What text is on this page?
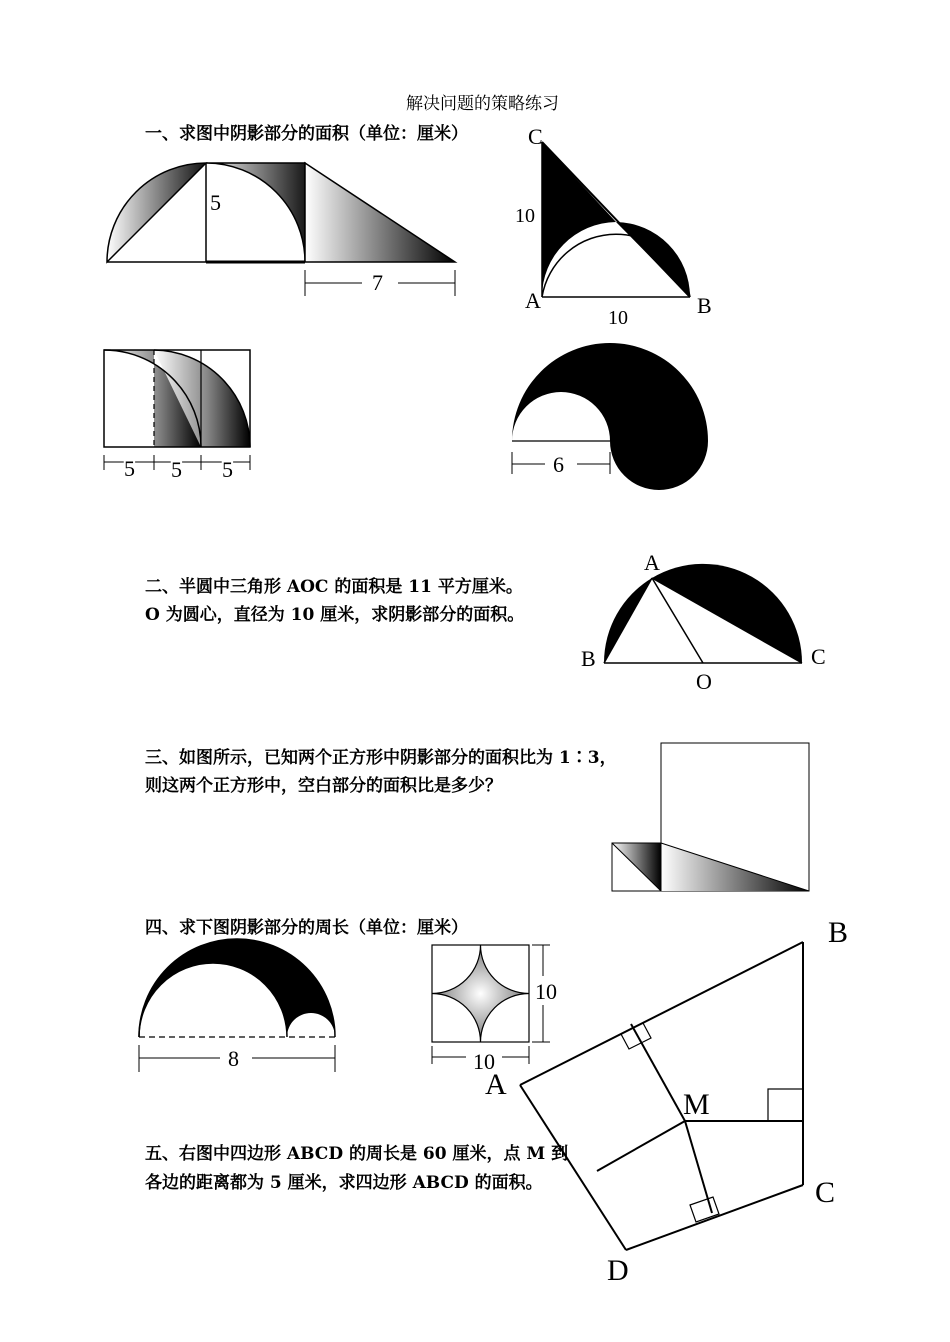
解决问题的策略练习
一、求图中阴影部分的面积（单位：厘米）
5
7
C
10
A
10	B
5 5 5	6
二、半圆中三角形 AOC 的面积是 11 平方厘米。
O 为圆心，直径为 10 厘米，求阴影部分的面积。
A
B	C
O
三、如图所示，已知两个正方形中阴影部分的面积比为 1∶3，
则这两个正方形中，空白部分的面积比是多少？
四、求下图阴影部分的周长（单位：厘米）
8
10
10
A
B
C
D
M
五、右图中四边形 ABCD 的周长是 60 厘米，点 M 到
各边的距离都为 5 厘米，求四边形 ABCD 的面积。
